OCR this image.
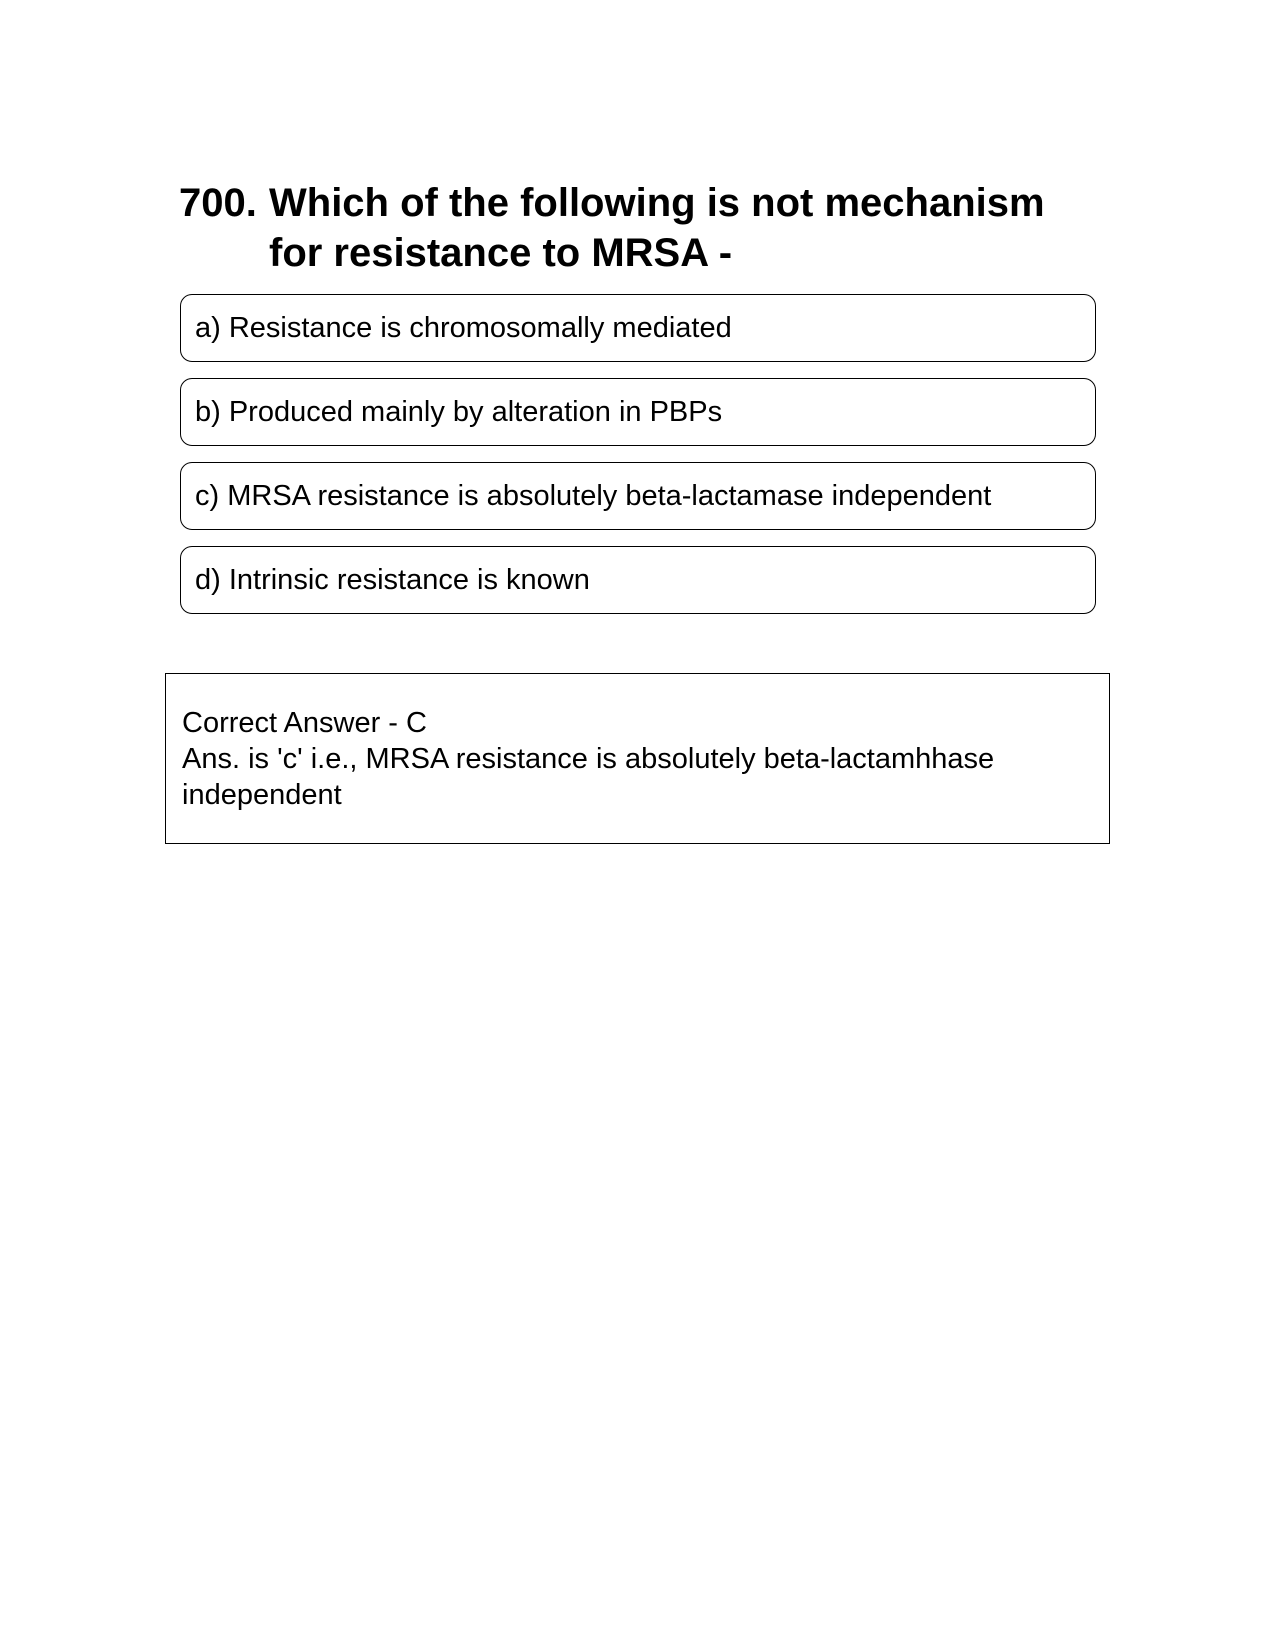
700. Which of the following is not mechanism for resistance to MRSA -
a) Resistance is chromosomally mediated
b) Produced mainly by alteration in PBPs
c) MRSA resistance is absolutely beta-lactamase independent
d) Intrinsic resistance is known
Correct Answer - C
Ans. is 'c' i.e., MRSA resistance is absolutely beta-lactamhhase independent
